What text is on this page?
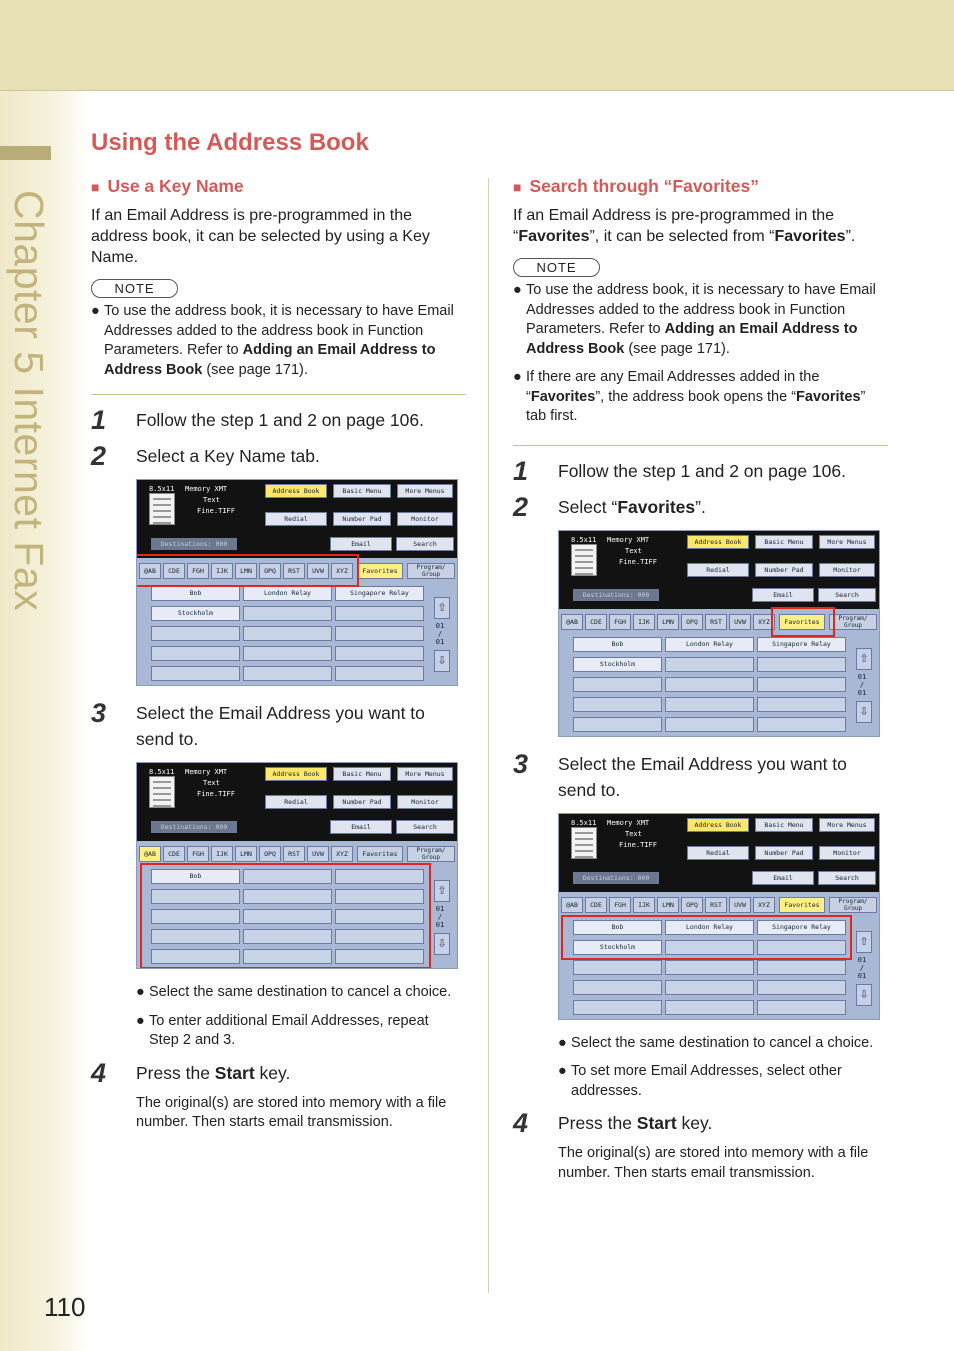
Chapter 5 Internet Fax
110
Using the Address Book
■ Use a Key Name

If an Email Address is pre-programmed in the address book, it can be selected by using a Key Name.

NOTE
● To use the address book, it is necessary to have Email Addresses added to the address book in Function Parameters. Refer to Adding an Email Address to Address Book (see page 171).
1	Follow the step 1 and 2 on page 106.
2	Select a Key Name tab.
8.5x11 Memory XMT
Text
Fine.TIFF
Destinations: 000
Address Book	Basic Menu	More Menus
Redial	Number Pad	Monitor
Email	Search
@AB	CDE	FGH	IJK	LMN	OPQ	RST	UVW	XYZ	Favorites	Program/ Group
Bob	London Relay	Singapore Relay
Stockholm	⇧
01
/
01
⇩
3	Select the Email Address you want to send to.
8.5x11 Memory XMT
Text
Fine.TIFF
Destinations: 000
Address Book	Basic Menu	More Menus
Redial	Number Pad	Monitor
Email	Search
@AB	CDE	FGH	IJK	LMN	OPQ	RST	UVW	XYZ	Favorites	Program/ Group
Bob
⇧
01
/
01
⇩
● Select the same destination to cancel a choice.
● To enter additional Email Addresses, repeat Step 2 and 3.
4	Press the Start key.
The original(s) are stored into memory with a file number. Then starts email transmission.
■ Search through “Favorites”

If an Email Address is pre-programmed in the “Favorites”, it can be selected from “Favorites”.

NOTE
● To use the address book, it is necessary to have Email Addresses added to the address book in Function Parameters. Refer to Adding an Email Address to Address Book (see page 171).
● If there are any Email Addresses added in the “Favorites”, the address book opens the “Favorites” tab first.
1	Follow the step 1 and 2 on page 106.
2	Select “Favorites”.
8.5x11 Memory XMT
Text
Fine.TIFF
Destinations: 000
Address Book	Basic Menu	More Menus
Redial	Number Pad	Monitor
Email	Search
@AB	CDE	FGH	IJK	LMN	OPQ	RST	UVW	XYZ	Favorites	Program/ Group
Bob	London Relay	Singapore Relay
Stockholm	⇧
01
/
01
⇩
3	Select the Email Address you want to send to.
8.5x11 Memory XMT
Text
Fine.TIFF
Destinations: 000
Address Book	Basic Menu	More Menus
Redial	Number Pad	Monitor
Email	Search
@AB	CDE	FGH	IJK	LMN	OPQ	RST	UVW	XYZ	Favorites	Program/ Group
Bob	London Relay	Singapore Relay
Stockholm	⇧
01
/
01
⇩
● Select the same destination to cancel a choice.
● To set more Email Addresses, select other addresses.
4	Press the Start key.
The original(s) are stored into memory with a file number. Then starts email transmission.
